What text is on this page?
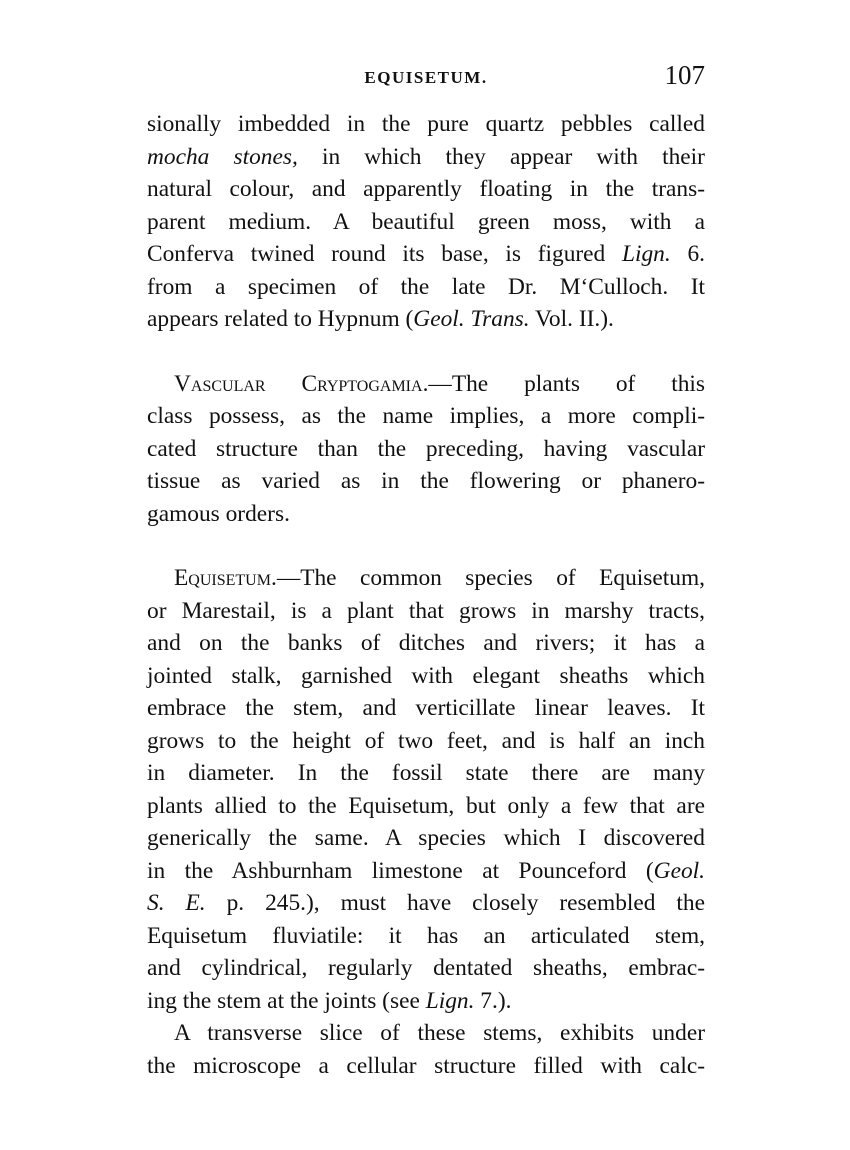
EQUISETUM.	107
sionally imbedded in the pure quartz pebbles called
mocha stones, in which they appear with their
natural colour, and apparently floating in the trans-
parent medium. A beautiful green moss, with a
Conferva twined round its base, is figured Lign. 6.
from a specimen of the late Dr. M‘Culloch. It
appears related to Hypnum (Geol. Trans. Vol. II.).
Vascular Cryptogamia.—The plants of this
class possess, as the name implies, a more compli-
cated structure than the preceding, having vascular
tissue as varied as in the flowering or phanero-
gamous orders.
Equisetum.—The common species of Equisetum,
or Marestail, is a plant that grows in marshy tracts,
and on the banks of ditches and rivers; it has a
jointed stalk, garnished with elegant sheaths which
embrace the stem, and verticillate linear leaves. It
grows to the height of two feet, and is half an inch
in diameter. In the fossil state there are many
plants allied to the Equisetum, but only a few that are
generically the same. A species which I discovered
in the Ashburnham limestone at Pounceford (Geol.
S. E. p. 245.), must have closely resembled the
Equisetum fluviatile: it has an articulated stem,
and cylindrical, regularly dentated sheaths, embrac-
ing the stem at the joints (see Lign. 7.).
A transverse slice of these stems, exhibits under
the microscope a cellular structure filled with calc-
